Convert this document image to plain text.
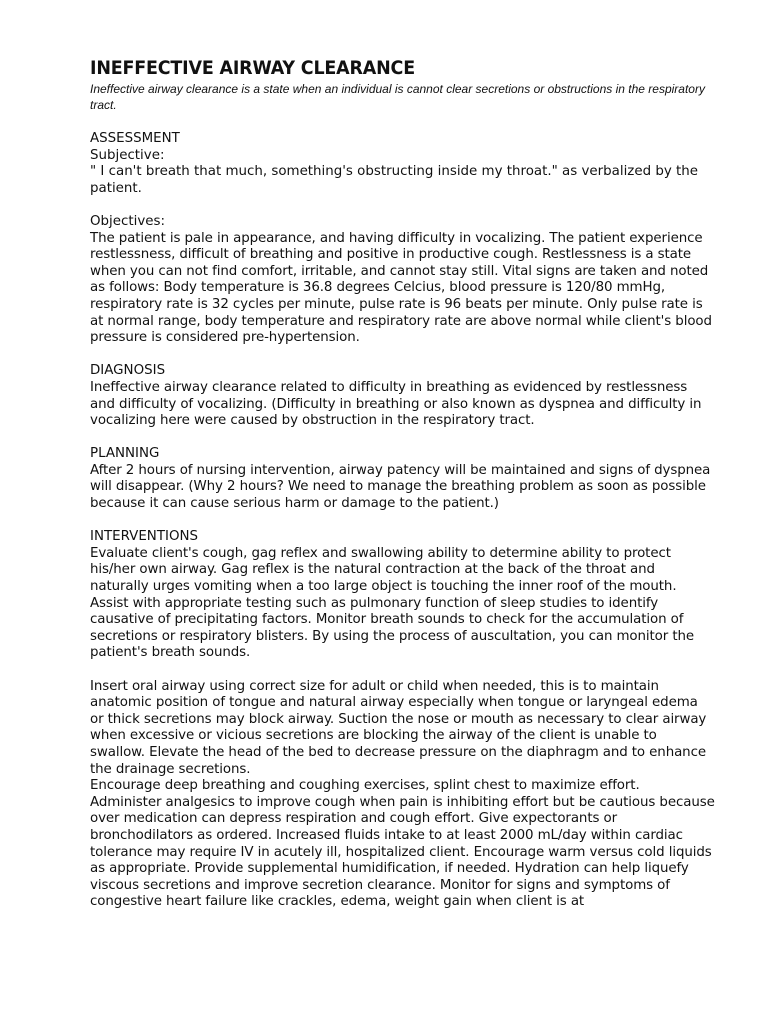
INEFFECTIVE AIRWAY CLEARANCE

Ineffective airway clearance is a state when an individual is cannot clear secretions or obstructions in the respiratory tract.

ASSESSMENT

Subjective:

" I can't breath that much, something's obstructing inside my throat." as verbalized by the patient.

Objectives:

The patient is pale in appearance, and having difficulty in vocalizing. The patient experience restlessness, difficult of breathing and positive in productive cough. Restlessness is a state when you can not find comfort, irritable, and cannot stay still. Vital signs are taken and noted as follows: Body temperature is 36.8 degrees Celcius, blood pressure is 120/80 mmHg, respiratory rate is 32 cycles per minute, pulse rate is 96 beats per minute. Only pulse rate is at normal range, body temperature and respiratory rate are above normal while client's blood pressure is considered pre-hypertension.

DIAGNOSIS

Ineffective airway clearance related to difficulty in breathing as evidenced by restlessness and difficulty of vocalizing. (Difficulty in breathing or also known as dyspnea and difficulty in vocalizing here were caused by obstruction in the respiratory tract.

PLANNING

After 2 hours of nursing intervention, airway patency will be maintained and signs of dyspnea will disappear. (Why 2 hours? We need to manage the breathing problem as soon as possible because it can cause serious harm or damage to the patient.)

INTERVENTIONS

Evaluate client's cough, gag reflex and swallowing ability to determine ability to protect his/her own airway. Gag reflex is the natural contraction at the back of the throat and naturally urges vomiting when a too large object is touching the inner roof of the mouth. Assist with appropriate testing such as pulmonary function of sleep studies to identify causative of precipitating factors. Monitor breath sounds to check for the accumulation of secretions or respiratory blisters. By using the process of auscultation, you can monitor the patient's breath sounds.

Insert oral airway using correct size for adult or child when needed, this is to maintain anatomic position of tongue and natural airway especially when tongue or laryngeal edema or thick secretions may block airway. Suction the nose or mouth as necessary to clear airway when excessive or vicious secretions are blocking the airway of the client is unable to swallow. Elevate the head of the bed to decrease pressure on the diaphragm and to enhance the drainage secretions.

Encourage deep breathing and coughing exercises, splint chest to maximize effort. Administer analgesics to improve cough when pain is inhibiting effort but be cautious because over medication can depress respiration and cough effort. Give expectorants or bronchodilators as ordered. Increased fluids intake to at least 2000 mL/day within cardiac tolerance may require IV in acutely ill, hospitalized client. Encourage warm versus cold liquids as appropriate. Provide supplemental humidification, if needed. Hydration can help liquefy viscous secretions and improve secretion clearance. Monitor for signs and symptoms of congestive heart failure like crackles, edema, weight gain when client is at
